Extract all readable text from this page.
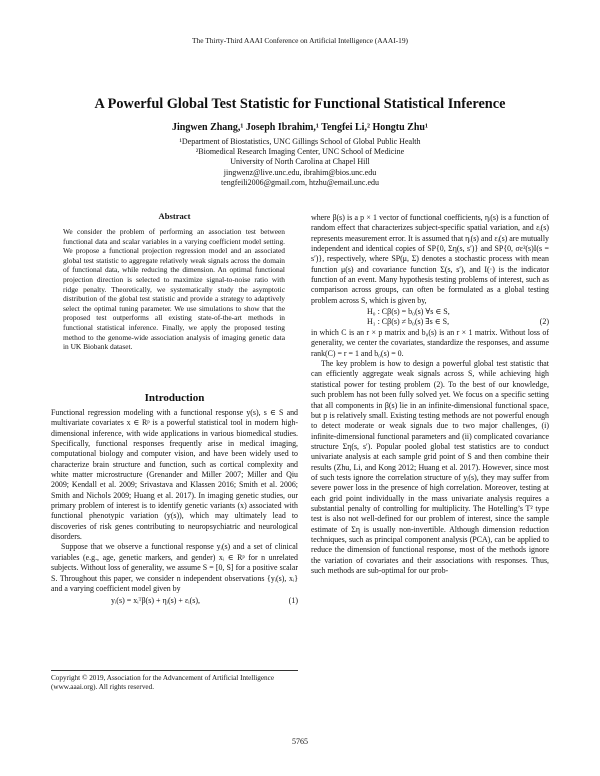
The Thirty-Third AAAI Conference on Artificial Intelligence (AAAI-19)
A Powerful Global Test Statistic for Functional Statistical Inference
Jingwen Zhang,¹ Joseph Ibrahim,¹ Tengfei Li,² Hongtu Zhu¹
¹Department of Biostatistics, UNC Gillings School of Global Public Health
²Biomedical Research Imaging Center, UNC School of Medicine
University of North Carolina at Chapel Hill
jingwenz@live.unc.edu, ibrahim@bios.unc.edu
tengfeili2006@gmail.com, htzhu@email.unc.edu
Abstract
We consider the problem of performing an association test between functional data and scalar variables in a varying coefficient model setting. We propose a functional projection regression model and an associated global test statistic to aggregate relatively weak signals across the domain of functional data, while reducing the dimension. An optimal functional projection direction is selected to maximize signal-to-noise ratio with ridge penalty. Theoretically, we systematically study the asymptotic distribution of the global test statistic and provide a strategy to adaptively select the optimal tuning parameter. We use simulations to show that the proposed test outperforms all existing state-of-the-art methods in functional statistical inference. Finally, we apply the proposed testing method to the genome-wide association analysis of imaging genetic data in UK Biobank dataset.
Introduction

Functional regression modeling with a functional response y(s), s ∈ S and multivariate covariates x ∈ Rᵖ is a powerful statistical tool in modern high-dimensional inference, with wide applications in various biomedical studies. Specifically, functional responses frequently arise in medical imaging, computational biology and computer vision, and have been widely used to characterize brain structure and function, such as cortical complexity and white matter microstructure (Grenander and Miller 2007; Miller and Qiu 2009; Kendall et al. 2009; Srivastava and Klassen 2016; Smith et al. 2006; Smith and Nichols 2009; Huang et al. 2017). In imaging genetic studies, our primary problem of interest is to identify genetic variants (x) associated with functional phenotypic variation (y(s)), which may ultimately lead to discoveries of risk genes contributing to neuropsychiatric and neurological disorders.

Suppose that we observe a functional response yᵢ(s) and a set of clinical variables (e.g., age, genetic markers, and gender) xᵢ ∈ Rᵖ for n unrelated subjects. Without loss of generality, we assume S = [0, S] for a positive scalar S. Throughout this paper, we consider n independent observations {yᵢ(s), xᵢ} and a varying coefficient model given by

yᵢ(s) = xᵢᵀβ(s) + ηᵢ(s) + εᵢ(s),	(1)
Copyright © 2019, Association for the Advancement of Artificial Intelligence (www.aaai.org). All rights reserved.

where β(s) is a p × 1 vector of functional coefficients, ηᵢ(s) is a function of random effect that characterizes subject-specific spatial variation, and εᵢ(s) represents measurement error. It is assumed that ηᵢ(s) and εᵢ(s) are mutually independent and identical copies of SP{0, Ση(s, s′)} and SP{0, σε²(s)I(s = s′)}, respectively, where SP(μ, Σ) denotes a stochastic process with mean function μ(s) and covariance function Σ(s, s′), and I(·) is the indicator function of an event. Many hypothesis testing problems of interest, such as comparison across groups, can often be formulated as a global testing problem across S, which is given by,

H₀ : Cβ(s) = b₀(s) ∀s ∈ S,
H₁ : Cβ(s) ≠ b₀(s) ∃s ∈ S,	(2)

in which C is an r × p matrix and b₀(s) is an r × 1 matrix. Without loss of generality, we center the covariates, standardize the responses, and assume rank(C) = r = 1 and b₀(s) = 0.

The key problem is how to design a powerful global test statistic that can efficiently aggregate weak signals across S, while achieving high statistical power for testing problem (2). To the best of our knowledge, such problem has not been fully solved yet. We focus on a specific setting that all components in β(s) lie in an infinite-dimensional functional space, but p is relatively small. Existing testing methods are not powerful enough to detect moderate or weak signals due to two major challenges, (i) infinite-dimensional functional parameters and (ii) complicated covariance structure Ση(s, s′). Popular pooled global test statistics are to conduct univariate analysis at each sample grid point of S and then combine their results (Zhu, Li, and Kong 2012; Huang et al. 2017). However, since most of such tests ignore the correlation structure of yᵢ(s), they may suffer from severe power loss in the presence of high correlation. Moreover, testing at each grid point individually in the mass univariate analysis requires a substantial penalty of controlling for multiplicity. The Hotelling’s T² type test is also not well-defined for our problem of interest, since the sample estimate of Ση is usually non-invertible. Although dimension reduction techniques, such as principal component analysis (PCA), can be applied to reduce the dimension of functional response, most of the methods ignore the variation of covariates and their associations with responses. Thus, such methods are sub-optimal for our prob-

5765
